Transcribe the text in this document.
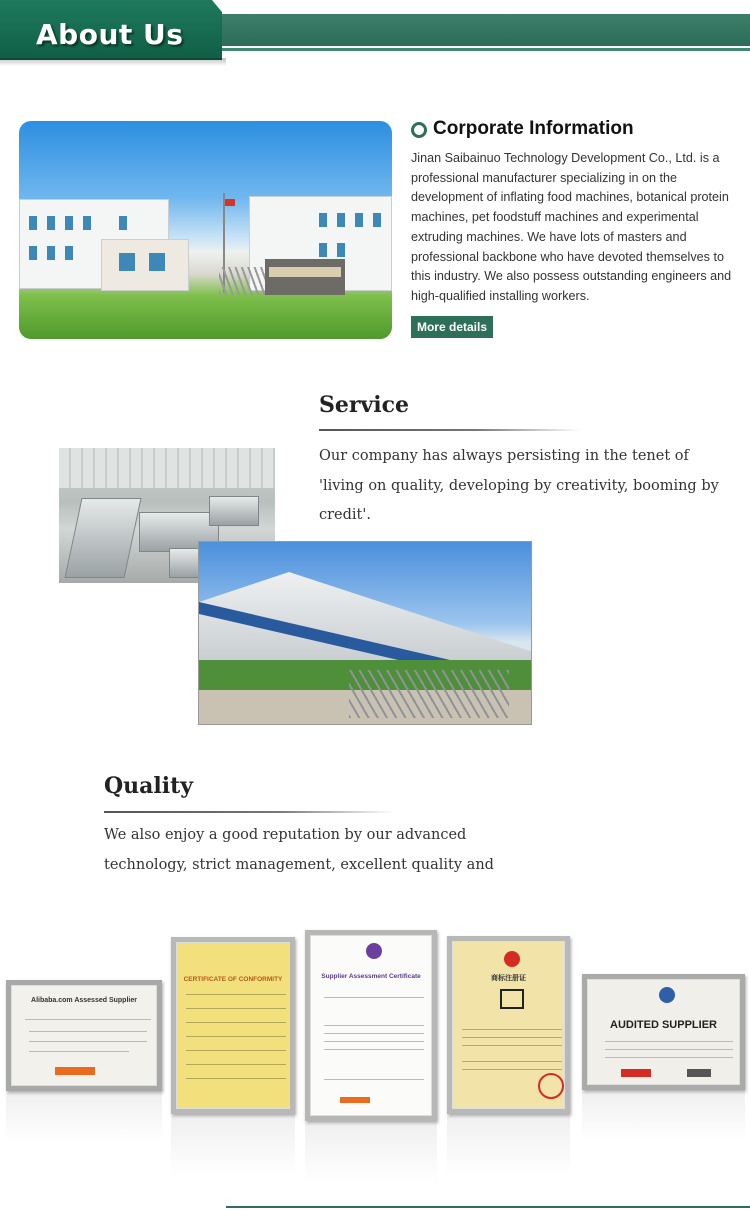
About Us
Corporate Information
Jinan Saibainuo Technology Development Co., Ltd. is a professional manufacturer specializing in on the development of inflating food machines, botanical protein machines, pet foodstuff machines and experimental extruding machines. We have lots of masters and professional backbone who have devoted themselves to this industry. We also possess outstanding engineers and high-qualified installing workers.
More details
Service
Our company has always persisting in the tenet of 'living on quality, developing by creativity, booming by credit'.
Quality
We also enjoy a good reputation by our advanced technology, strict management, excellent quality and
Alibaba.com Assessed Supplier
CERTIFICATE OF CONFORMITY	Supplier Assessment Certificate	商标注册证
AUDITED SUPPLIER
